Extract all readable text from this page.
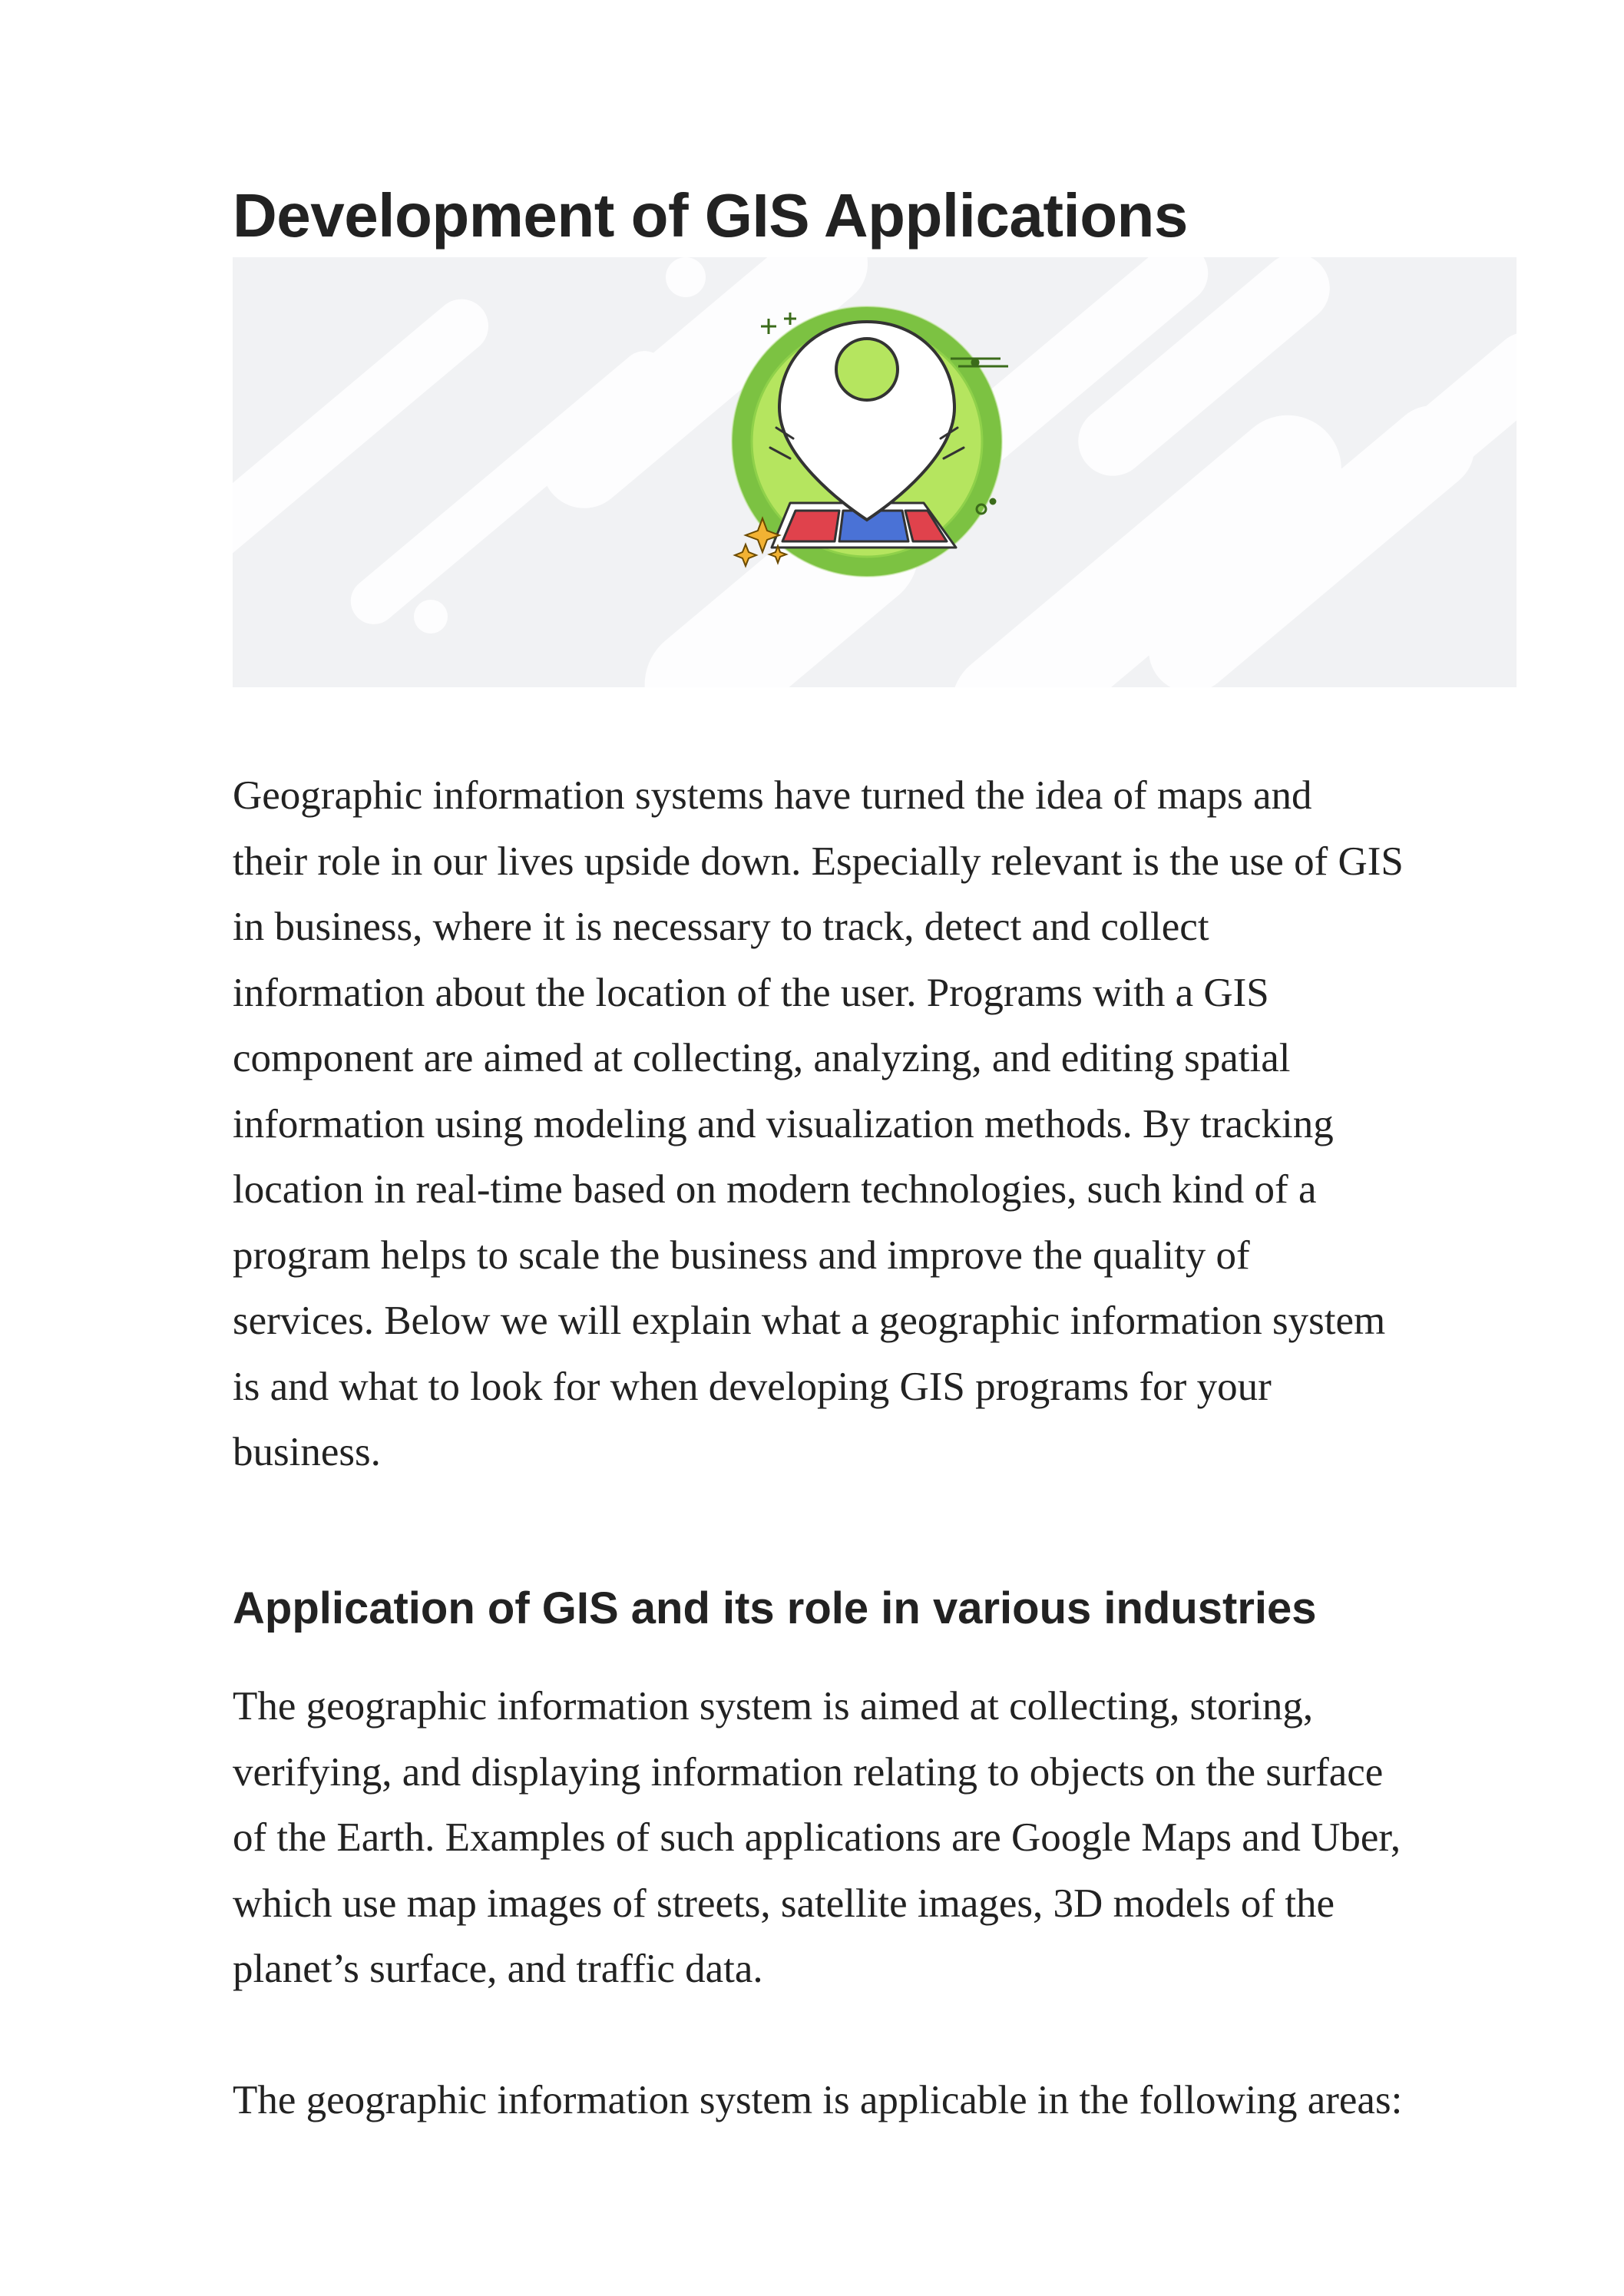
Development of GIS Applications

Geographic information systems have turned the idea of maps and
their role in our lives upside down. Especially relevant is the use of GIS
in business, where it is necessary to track, detect and collect
information about the location of the user. Programs with a GIS
component are aimed at collecting, analyzing, and editing spatial
information using modeling and visualization methods. By tracking
location in real-time based on modern technologies, such kind of a
program helps to scale the business and improve the quality of
services. Below we will explain what a geographic information system
is and what to look for when developing GIS programs for your
business.

Application of GIS and its role in various industries

The geographic information system is aimed at collecting, storing,
verifying, and displaying information relating to objects on the surface
of the Earth. Examples of such applications are Google Maps and Uber,
which use map images of streets, satellite images, 3D models of the
planet’s surface, and traffic data.

The geographic information system is applicable in the following areas:
